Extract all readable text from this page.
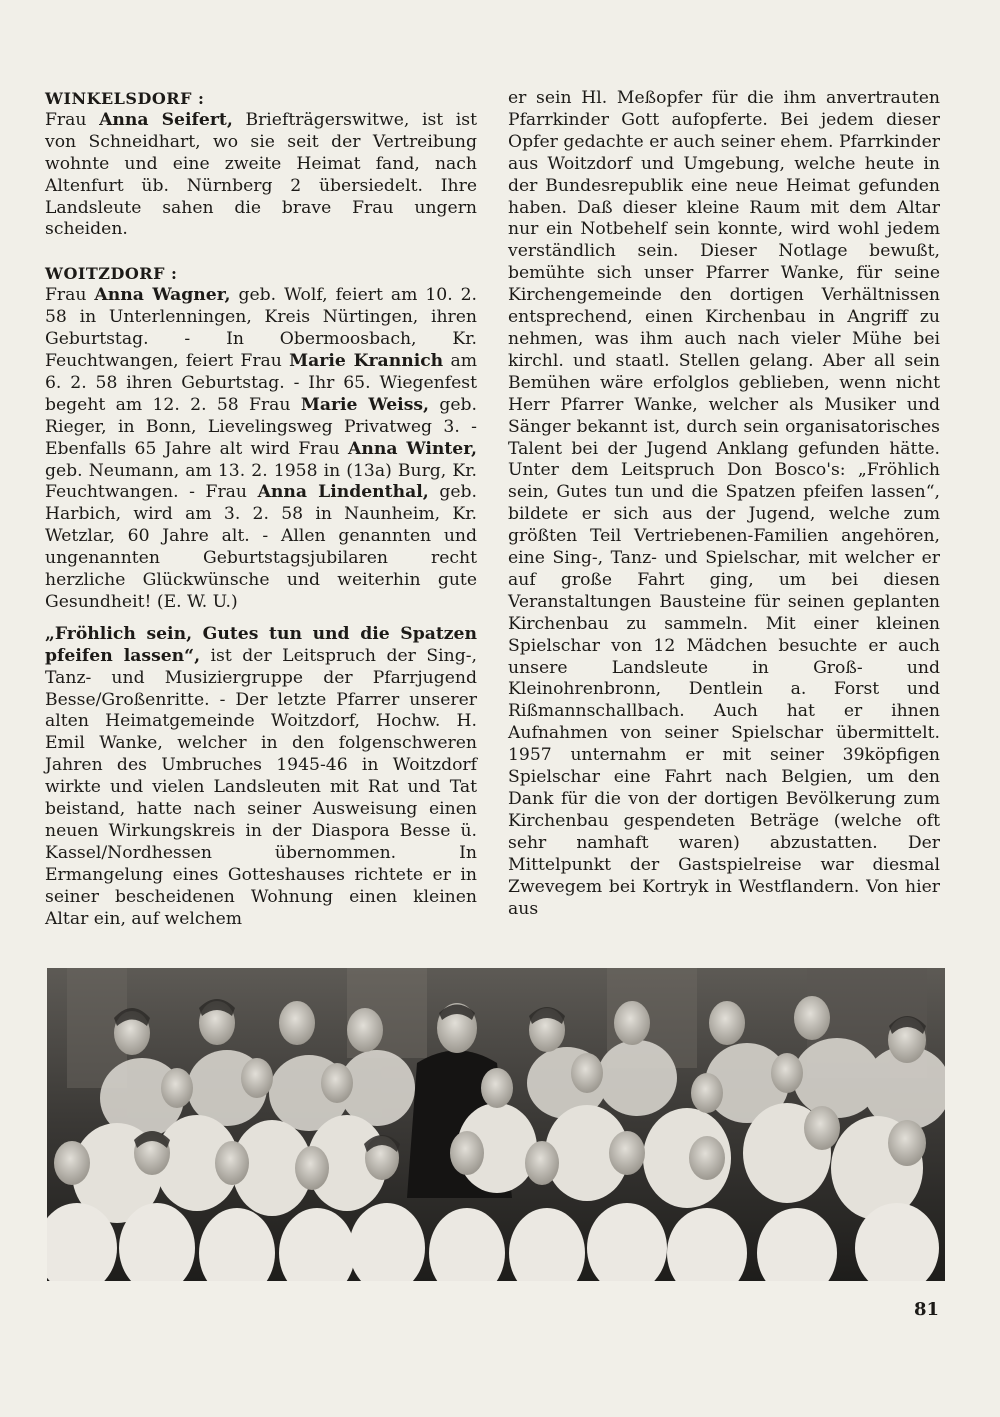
WINKELSDORF :

Frau Anna Seifert, Briefträgerswitwe, ist ist von Schneidhart, wo sie seit der Vertreibung wohnte und eine zweite Heimat fand, nach Altenfurt üb. Nürnberg 2 übersiedelt. Ihre Landsleute sahen die brave Frau ungern scheiden.

WOITZDORF :

Frau Anna Wagner, geb. Wolf, feiert am 10. 2. 58 in Unterlenningen, Kreis Nürtingen, ihren Geburtstag. - In Obermoosbach, Kr. Feuchtwangen, feiert Frau Marie Krannich am 6. 2. 58 ihren Geburtstag. - Ihr 65. Wiegenfest begeht am 12. 2. 58 Frau Marie Weiss, geb. Rieger, in Bonn, Lievelingsweg Privatweg 3. - Ebenfalls 65 Jahre alt wird Frau Anna Winter, geb. Neumann, am 13. 2. 1958 in (13a) Burg, Kr. Feuchtwangen. - Frau Anna Lindenthal, geb. Harbich, wird am 3. 2. 58 in Naunheim, Kr. Wetzlar, 60 Jahre alt. - Allen genannten und ungenannten Geburtstagsjubilaren recht herzliche Glückwünsche und weiterhin gute Gesundheit! (E. W. U.)

„Fröhlich sein, Gutes tun und die Spatzen pfeifen lassen“, ist der Leitspruch der Sing-, Tanz- und Musiziergruppe der Pfarrjugend Besse/Großenritte. - Der letzte Pfarrer unserer alten Heimatgemeinde Woitzdorf, Hochw. H. Emil Wanke, welcher in den folgenschweren Jahren des Umbruches 1945-46 in Woitzdorf wirkte und vielen Landsleuten mit Rat und Tat beistand, hatte nach seiner Ausweisung einen neuen Wirkungskreis in der Diaspora Besse ü. Kassel/Nordhessen übernommen. In Ermangelung eines Gotteshauses richtete er in seiner bescheidenen Wohnung einen kleinen Altar ein, auf welchem

er sein Hl. Meßopfer für die ihm anvertrauten Pfarrkinder Gott aufopferte. Bei jedem dieser Opfer gedachte er auch seiner ehem. Pfarrkinder aus Woitzdorf und Umgebung, welche heute in der Bundesrepublik eine neue Heimat gefunden haben. Daß dieser kleine Raum mit dem Altar nur ein Notbehelf sein konnte, wird wohl jedem verständlich sein. Dieser Notlage bewußt, bemühte sich unser Pfarrer Wanke, für seine Kirchengemeinde den dortigen Verhältnissen entsprechend, einen Kirchenbau in Angriff zu nehmen, was ihm auch nach vieler Mühe bei kirchl. und staatl. Stellen gelang. Aber all sein Bemühen wäre erfolglos geblieben, wenn nicht Herr Pfarrer Wanke, welcher als Musiker und Sänger bekannt ist, durch sein organisatorisches Talent bei der Jugend Anklang gefunden hätte. Unter dem Leitspruch Don Bosco's: „Fröhlich sein, Gutes tun und die Spatzen pfeifen lassen“, bildete er sich aus der Jugend, welche zum größten Teil Vertriebenen-Familien angehören, eine Sing-, Tanz- und Spielschar, mit welcher er auf große Fahrt ging, um bei diesen Veranstaltungen Bausteine für seinen geplanten Kirchenbau zu sammeln. Mit einer kleinen Spielschar von 12 Mädchen besuchte er auch unsere Landsleute in Groß- und Kleinohrenbronn, Dentlein a. Forst und Rißmannschallbach. Auch hat er ihnen Aufnahmen von seiner Spielschar übermittelt. 1957 unternahm er mit seiner 39köpfigen Spielschar eine Fahrt nach Belgien, um den Dank für die von der dortigen Bevölkerung zum Kirchenbau gespendeten Beträge (welche oft sehr namhaft waren) abzustatten. Der Mittelpunkt der Gastspielreise war diesmal Zwevegem bei Kortryk in Westflandern. Von hier aus

81
